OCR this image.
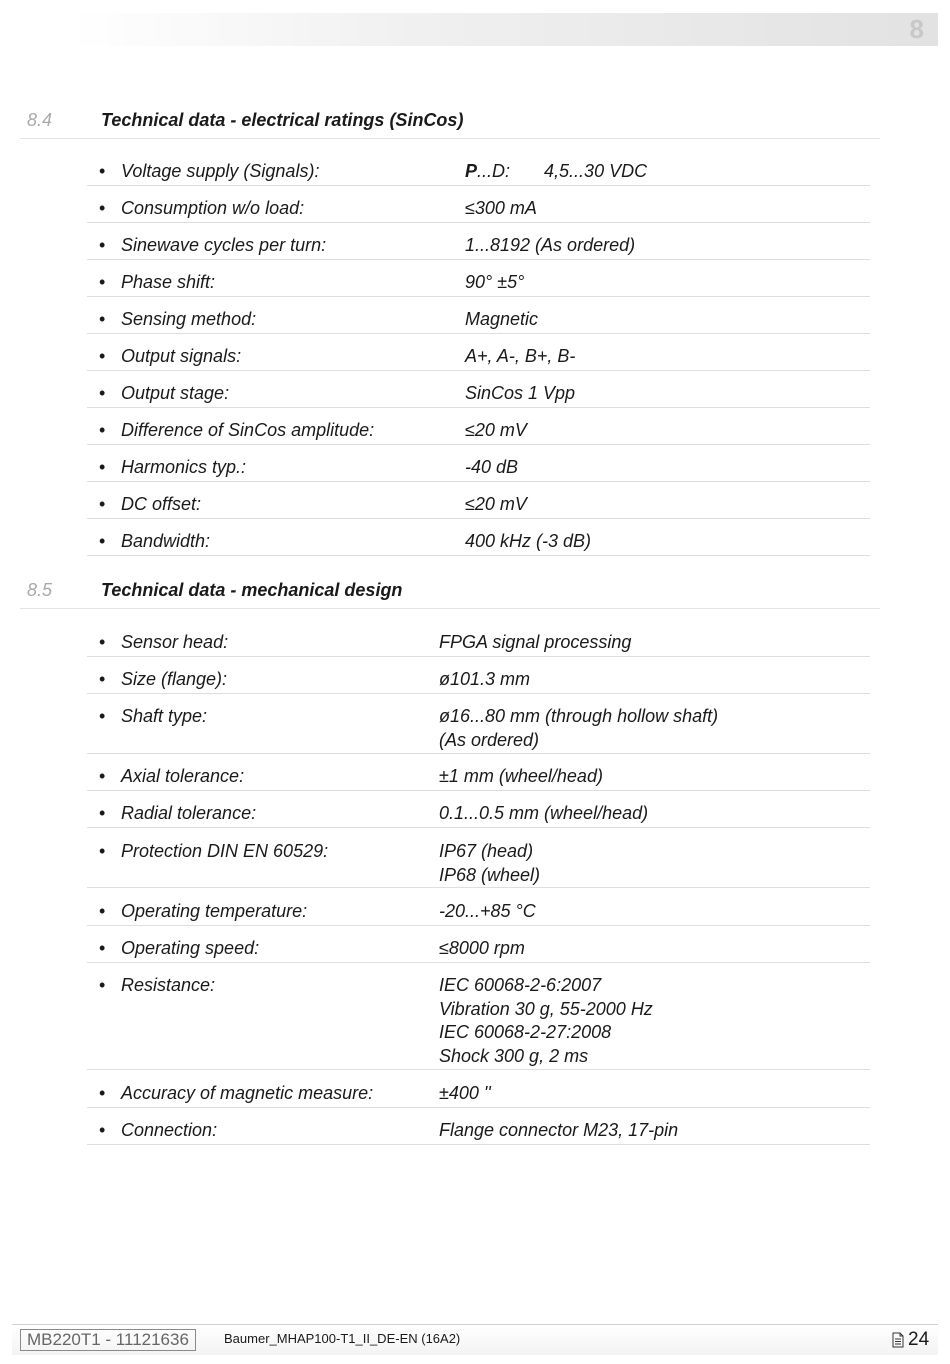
8
8.4	Technical data - electrical ratings (SinCos)
• Voltage supply (Signals):	P...D: 4,5...30 VDC
• Consumption w/o load:	≤300 mA
• Sinewave cycles per turn:	1...8192 (As ordered)
• Phase shift:	90° ±5°
• Sensing method:	Magnetic
• Output signals:	A+, A-, B+, B-
• Output stage:	SinCos 1 Vpp
• Difference of SinCos amplitude:	≤20 mV
• Harmonics typ.:	-40 dB
• DC offset:	≤20 mV
• Bandwidth:	400 kHz (-3 dB)
8.5	Technical data - mechanical design
• Sensor head:	FPGA signal processing
• Size (flange):	ø101.3 mm
• Shaft type:	ø16...80 mm (through hollow shaft)
(As ordered)
• Axial tolerance:	±1 mm (wheel/head)
• Radial tolerance:	0.1...0.5 mm (wheel/head)
• Protection DIN EN 60529:	IP67 (head)
IP68 (wheel)
• Operating temperature:	-20...+85 °C
• Operating speed:	≤8000 rpm
• Resistance:	IEC 60068-2-6:2007
Vibration 30 g, 55-2000 Hz
IEC 60068-2-27:2008
Shock 300 g, 2 ms
• Accuracy of magnetic measure:	±400 ''
• Connection:	Flange connector M23, 17-pin
MB220T1 - 11121636	Baumer_MHAP100-T1_II_DE-EN (16A2)	24
